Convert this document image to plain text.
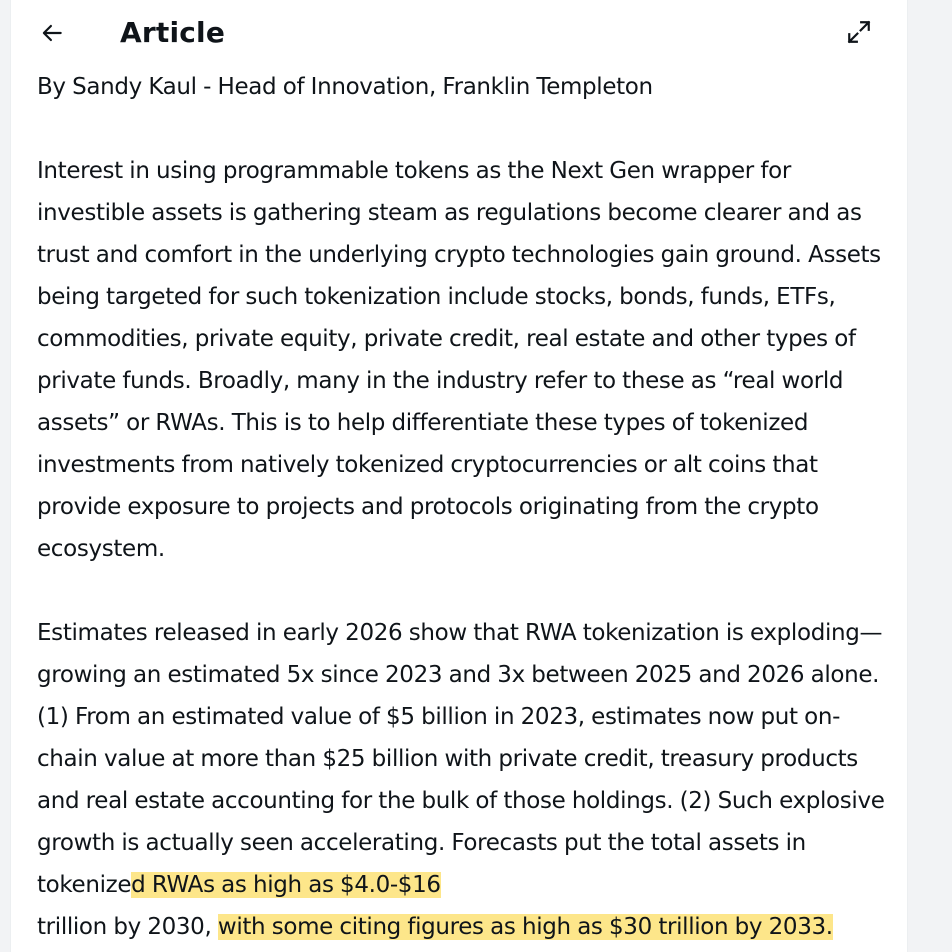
Article

By Sandy Kaul - Head of Innovation, Franklin Templeton

Interest in using programmable tokens as the Next Gen wrapper for investible assets is gathering steam as regulations become clearer and as trust and comfort in the underlying crypto technologies gain ground. Assets being targeted for such tokenization include stocks, bonds, funds, ETFs, commodities, private equity, private credit, real estate and other types of private funds. Broadly, many in the industry refer to these as “real world assets” or RWAs. This is to help differentiate these types of tokenized investments from natively tokenized cryptocurrencies or alt coins that provide exposure to projects and protocols originating from the crypto ecosystem.

Estimates released in early 2026 show that RWA tokenization is exploding—growing an estimated 5x since 2023 and 3x between 2025 and 2026 alone. (1) From an estimated value of $5 billion in 2023, estimates now put on-chain value at more than $25 billion with private credit, treasury products and real estate accounting for the bulk of those holdings. (2) Such explosive growth is actually seen accelerating. Forecasts put the total assets in tokenized RWAs as high as $4.0-$16
trillion by 2030, with some citing figures as high as $30 trillion by 2033.
